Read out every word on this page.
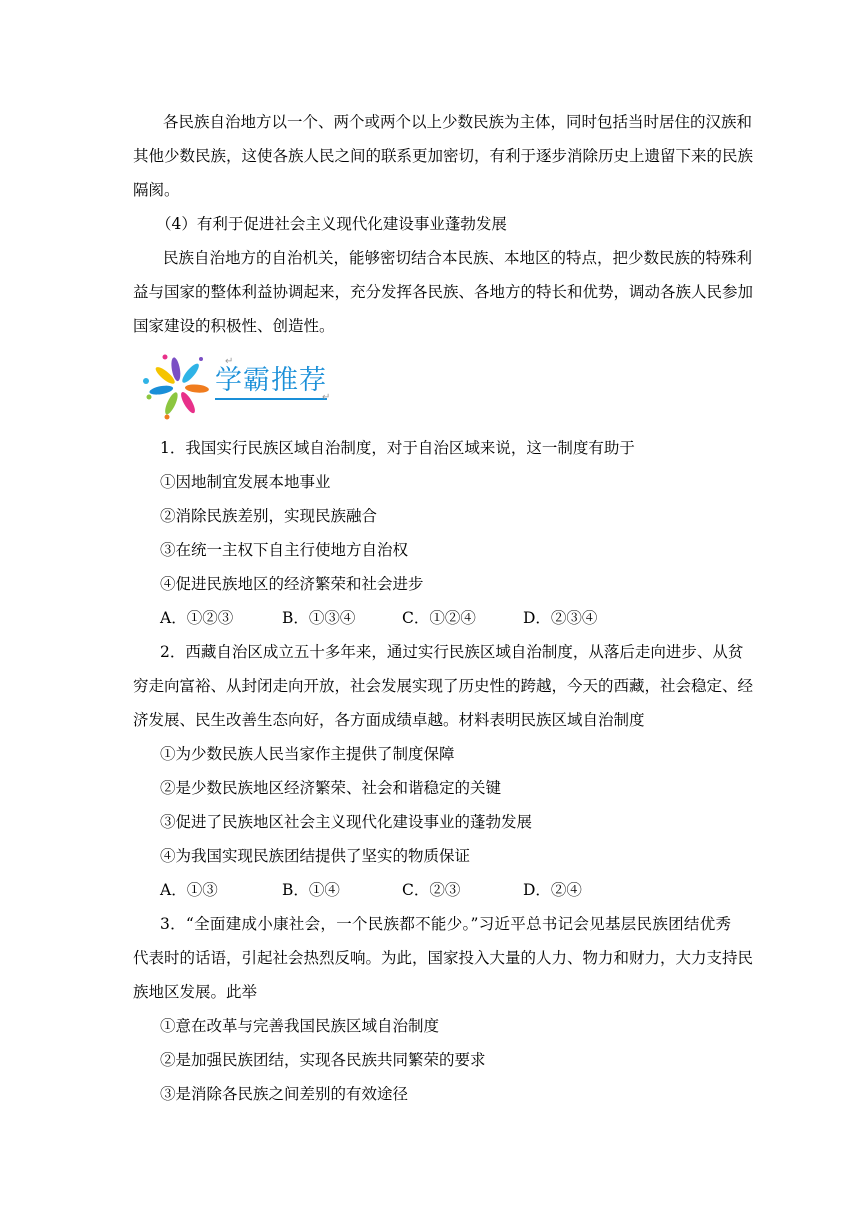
各民族自治地方以一个、两个或两个以上少数民族为主体，同时包括当时居住的汉族和
其他少数民族，这使各族人民之间的联系更加密切，有利于逐步消除历史上遗留下来的民族
隔阂。
（4）有利于促进社会主义现代化建设事业蓬勃发展
民族自治地方的自治机关，能够密切结合本民族、本地区的特点，把少数民族的特殊利
益与国家的整体利益协调起来，充分发挥各民族、各地方的特长和优势，调动各族人民参加
国家建设的积极性、创造性。
学霸推荐
↵
↵
1．我国实行民族区域自治制度，对于自治区域来说，这一制度有助于
①因地制宜发展本地事业
②消除民族差别，实现民族融合
③在统一主权下自主行使地方自治权
④促进民族地区的经济繁荣和社会进步
A．①②③	B．①③④	C．①②④	D．②③④
2．西藏自治区成立五十多年来，通过实行民族区域自治制度，从落后走向进步、从贫
穷走向富裕、从封闭走向开放，社会发展实现了历史性的跨越，今天的西藏，社会稳定、经
济发展、民生改善生态向好，各方面成绩卓越。材料表明民族区域自治制度
①为少数民族人民当家作主提供了制度保障
②是少数民族地区经济繁荣、社会和谐稳定的关键
③促进了民族地区社会主义现代化建设事业的蓬勃发展
④为我国实现民族团结提供了坚实的物质保证
A．①③	B．①④	C．②③	D．②④
3．“全面建成小康社会，一个民族都不能少。”习近平总书记会见基层民族团结优秀
代表时的话语，引起社会热烈反响。为此，国家投入大量的人力、物力和财力，大力支持民
族地区发展。此举
①意在改革与完善我国民族区域自治制度
②是加强民族团结，实现各民族共同繁荣的要求
③是消除各民族之间差别的有效途径
